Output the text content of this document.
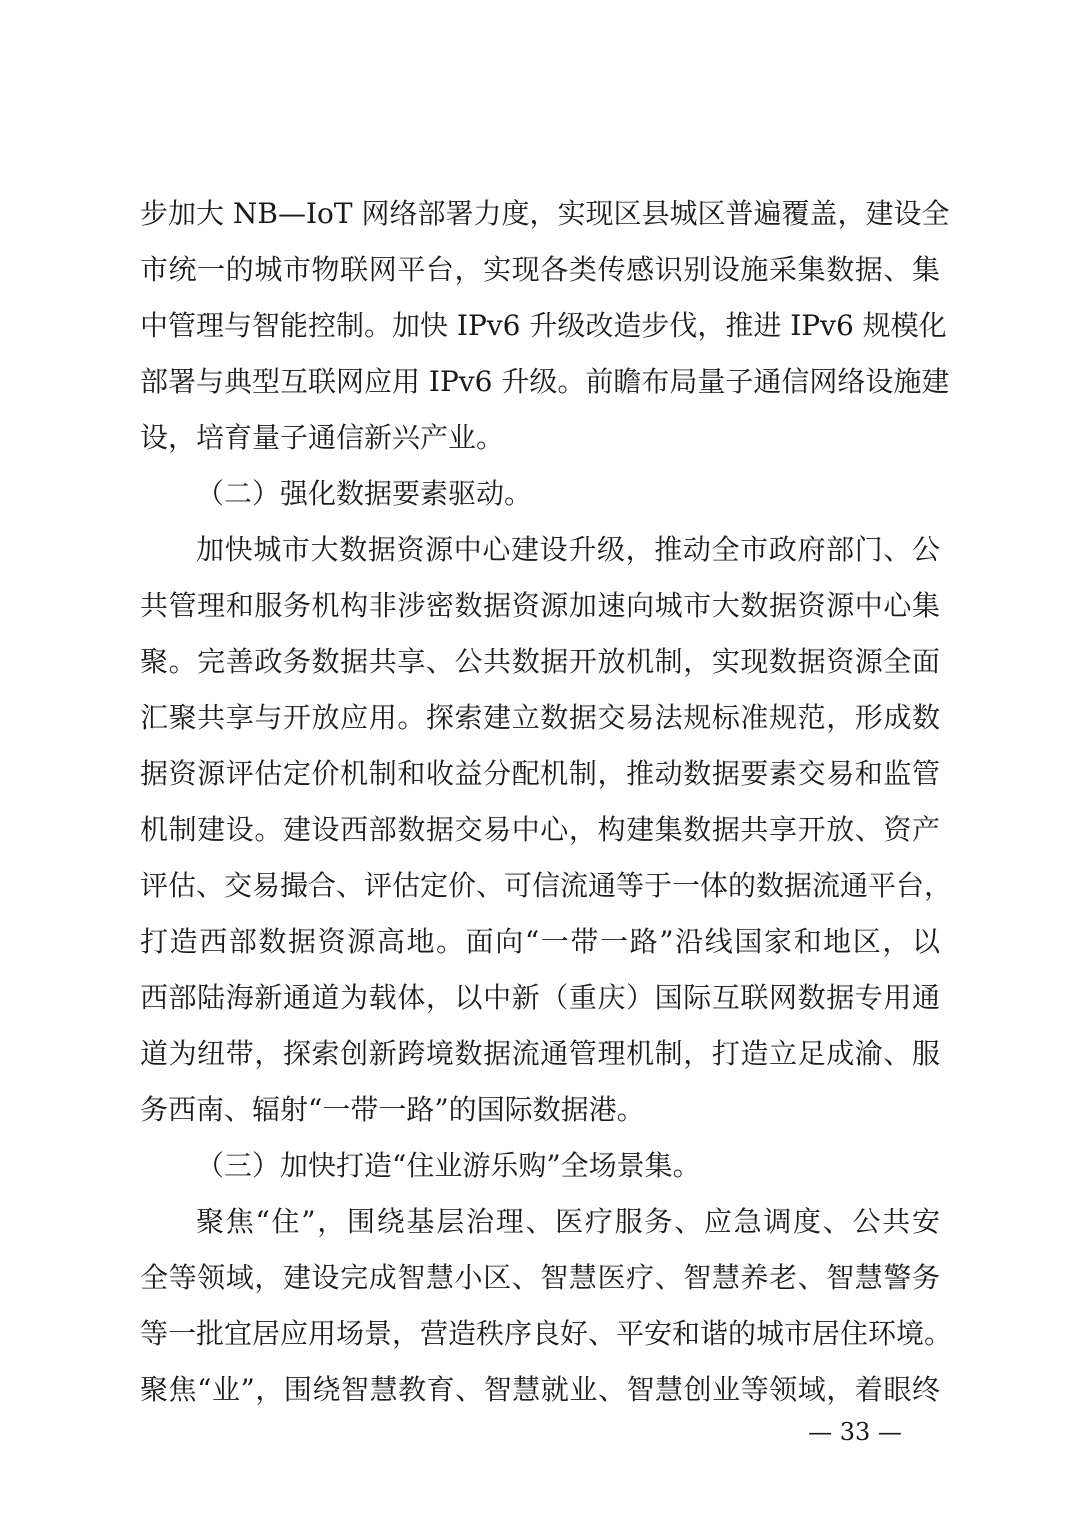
步加大 NB—IoT 网络部署力度，实现区县城区普遍覆盖，建设全
市统一的城市物联网平台，实现各类传感识别设施采集数据、集
中管理与智能控制。加快 IPv6 升级改造步伐，推进 IPv6 规模化
部署与典型互联网应用 IPv6 升级。前瞻布局量子通信网络设施建
设，培育量子通信新兴产业。
（二）强化数据要素驱动。
加快城市大数据资源中心建设升级，推动全市政府部门、公
共管理和服务机构非涉密数据资源加速向城市大数据资源中心集
聚。完善政务数据共享、公共数据开放机制，实现数据资源全面
汇聚共享与开放应用。探索建立数据交易法规标准规范，形成数
据资源评估定价机制和收益分配机制，推动数据要素交易和监管
机制建设。建设西部数据交易中心，构建集数据共享开放、资产
评估、交易撮合、评估定价、可信流通等于一体的数据流通平台，
打造西部数据资源高地。面向“一带一路”沿线国家和地区，以
西部陆海新通道为载体，以中新（重庆）国际互联网数据专用通
道为纽带，探索创新跨境数据流通管理机制，打造立足成渝、服
务西南、辐射“一带一路”的国际数据港。
（三）加快打造“住业游乐购”全场景集。
聚焦“住”，围绕基层治理、医疗服务、应急调度、公共安
全等领域，建设完成智慧小区、智慧医疗、智慧养老、智慧警务
等一批宜居应用场景，营造秩序良好、平安和谐的城市居住环境。
聚焦“业”，围绕智慧教育、智慧就业、智慧创业等领域，着眼终
— 33 —
